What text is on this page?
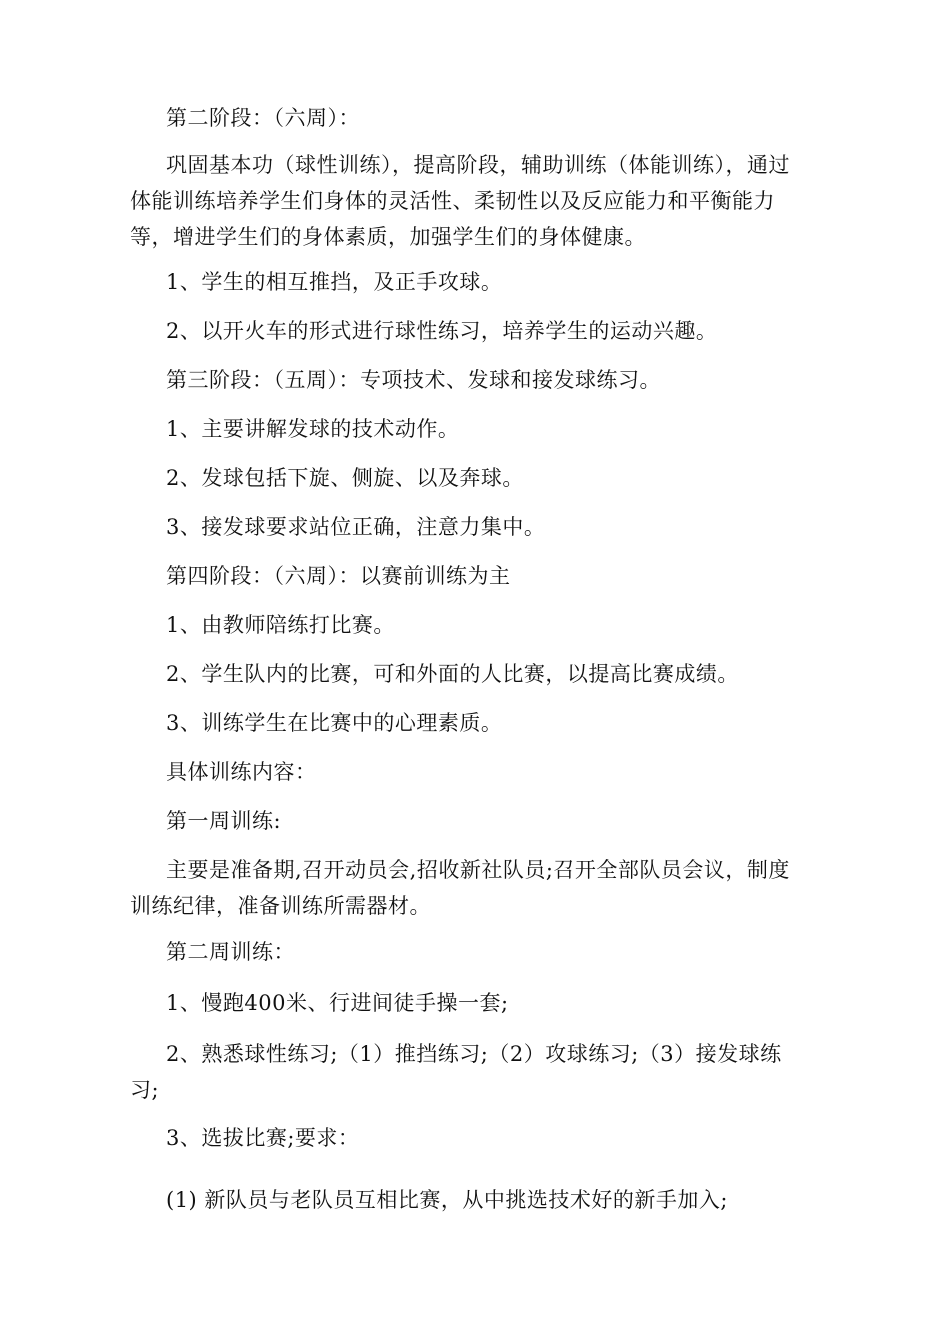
第二阶段：（六周）：

巩固基本功（球性训练），提高阶段，辅助训练（体能训练），通过体能训练培养学生们身体的灵活性、柔韧性以及反应能力和平衡能力等，增进学生们的身体素质，加强学生们的身体健康。

1、学生的相互推挡，及正手攻球。

2、以开火车的形式进行球性练习，培养学生的运动兴趣。

第三阶段：（五周）：专项技术、发球和接发球练习。

1、主要讲解发球的技术动作。

2、发球包括下旋、侧旋、以及奔球。

3、接发球要求站位正确，注意力集中。

第四阶段：（六周）：以赛前训练为主

1、由教师陪练打比赛。

2、学生队内的比赛，可和外面的人比赛，以提高比赛成绩。

3、训练学生在比赛中的心理素质。

具体训练内容：

第一周训练:

主要是准备期,召开动员会,招收新社队员;召开全部队员会议，制度训练纪律，准备训练所需器材。

第二周训练：

1、慢跑400米、行进间徒手操一套;

2、熟悉球性练习;（1）推挡练习;（2）攻球练习;（3）接发球练习;

3、选拔比赛;要求：

(1) 新队员与老队员互相比赛，从中挑选技术好的新手加入;
